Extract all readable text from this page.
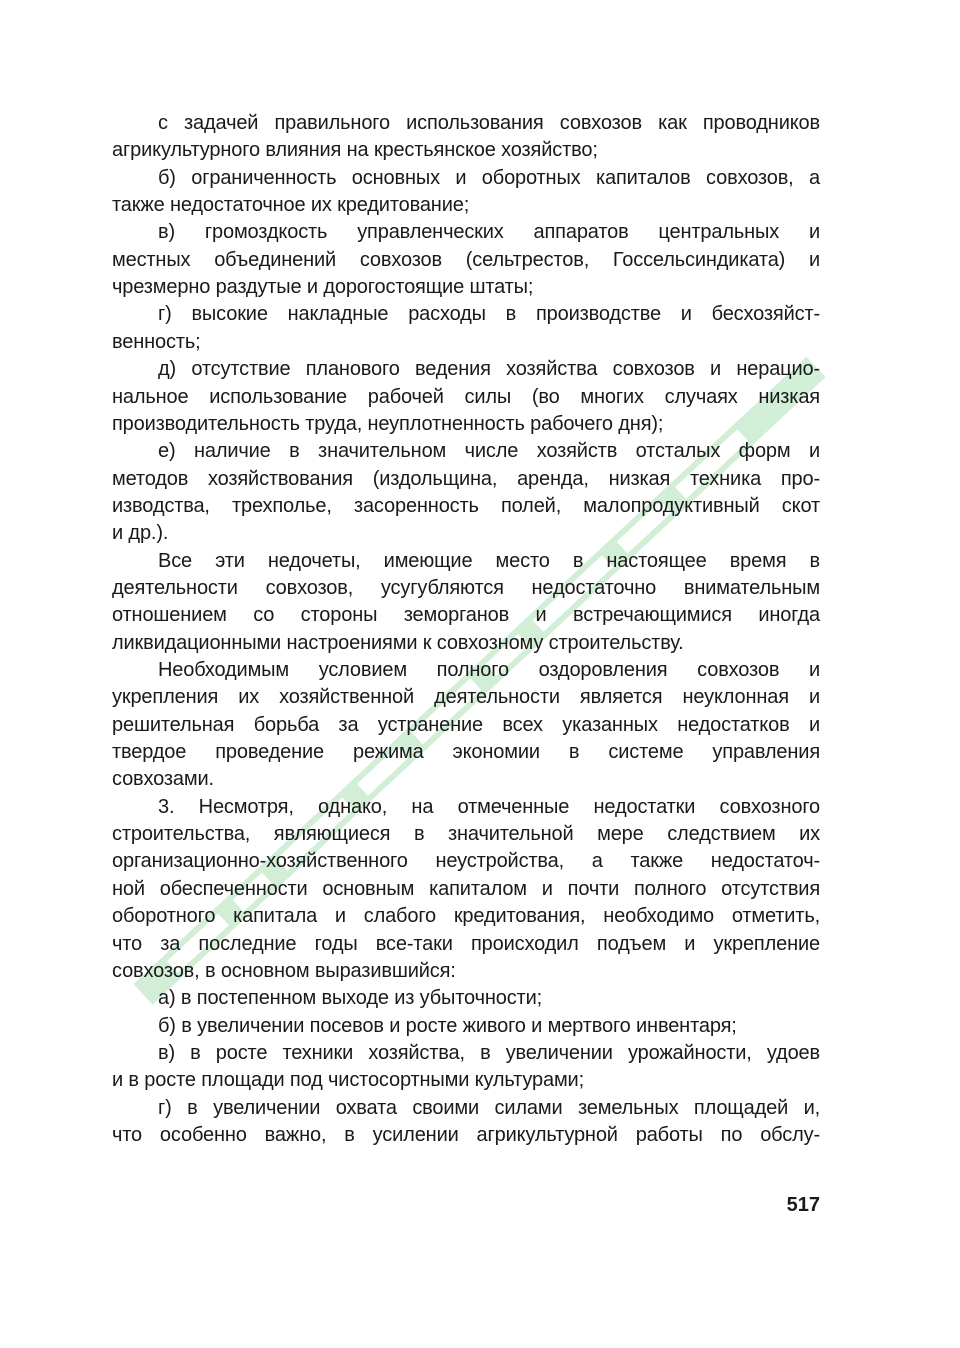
с задачей правильного использования совхозов как проводников
агрикультурного влияния на крестьянское хозяйство;
б) ограниченность основных и оборотных капиталов совхозов, а
также недостаточное их кредитование;
в) громоздкость управленческих аппаратов центральных и
местных объединений совхозов (сельтрестов, Госсельсиндиката) и
чрезмерно раздутые и дорогостоящие штаты;
г) высокие накладные расходы в производстве и бесхозяйст-
венность;
д) отсутствие планового ведения хозяйства совхозов и нерацио-
нальное использование рабочей силы (во многих случаях низкая
производительность труда, неуплотненность рабочего дня);
е) наличие в значительном числе хозяйств отсталых форм и
методов хозяйствования (издольщина, аренда, низкая техника про-
изводства, трехполье, засоренность полей, малопродуктивный скот
и др.).
Все эти недочеты, имеющие место в настоящее время в
деятельности совхозов, усугубляются недостаточно внимательным
отношением со стороны земорганов и встречающимися иногда
ликвидационными настроениями к совхозному строительству.
Необходимым условием полного оздоровления совхозов и
укрепления их хозяйственной деятельности является неуклонная и
решительная борьба за устранение всех указанных недостатков и
твердое проведение режима экономии в системе управления
совхозами.
3. Несмотря, однако, на отмеченные недостатки совхозного
строительства, являющиеся в значительной мере следствием их
организационно-хозяйственного неустройства, а также недостаточ-
ной обеспеченности основным капиталом и почти полного отсутствия
оборотного капитала и слабого кредитования, необходимо отметить,
что за последние годы все-таки происходил подъем и укрепление
совхозов, в основном выразившийся:
а) в постепенном выходе из убыточности;
б) в увеличении посевов и росте живого и мертвого инвентаря;
в) в росте техники хозяйства, в увеличении урожайности, удоев
и в росте площади под чистосортными культурами;
г) в увеличении охвата своими силами земельных площадей и,
что особенно важно, в усилении агрикультурной работы по обслу-
517
